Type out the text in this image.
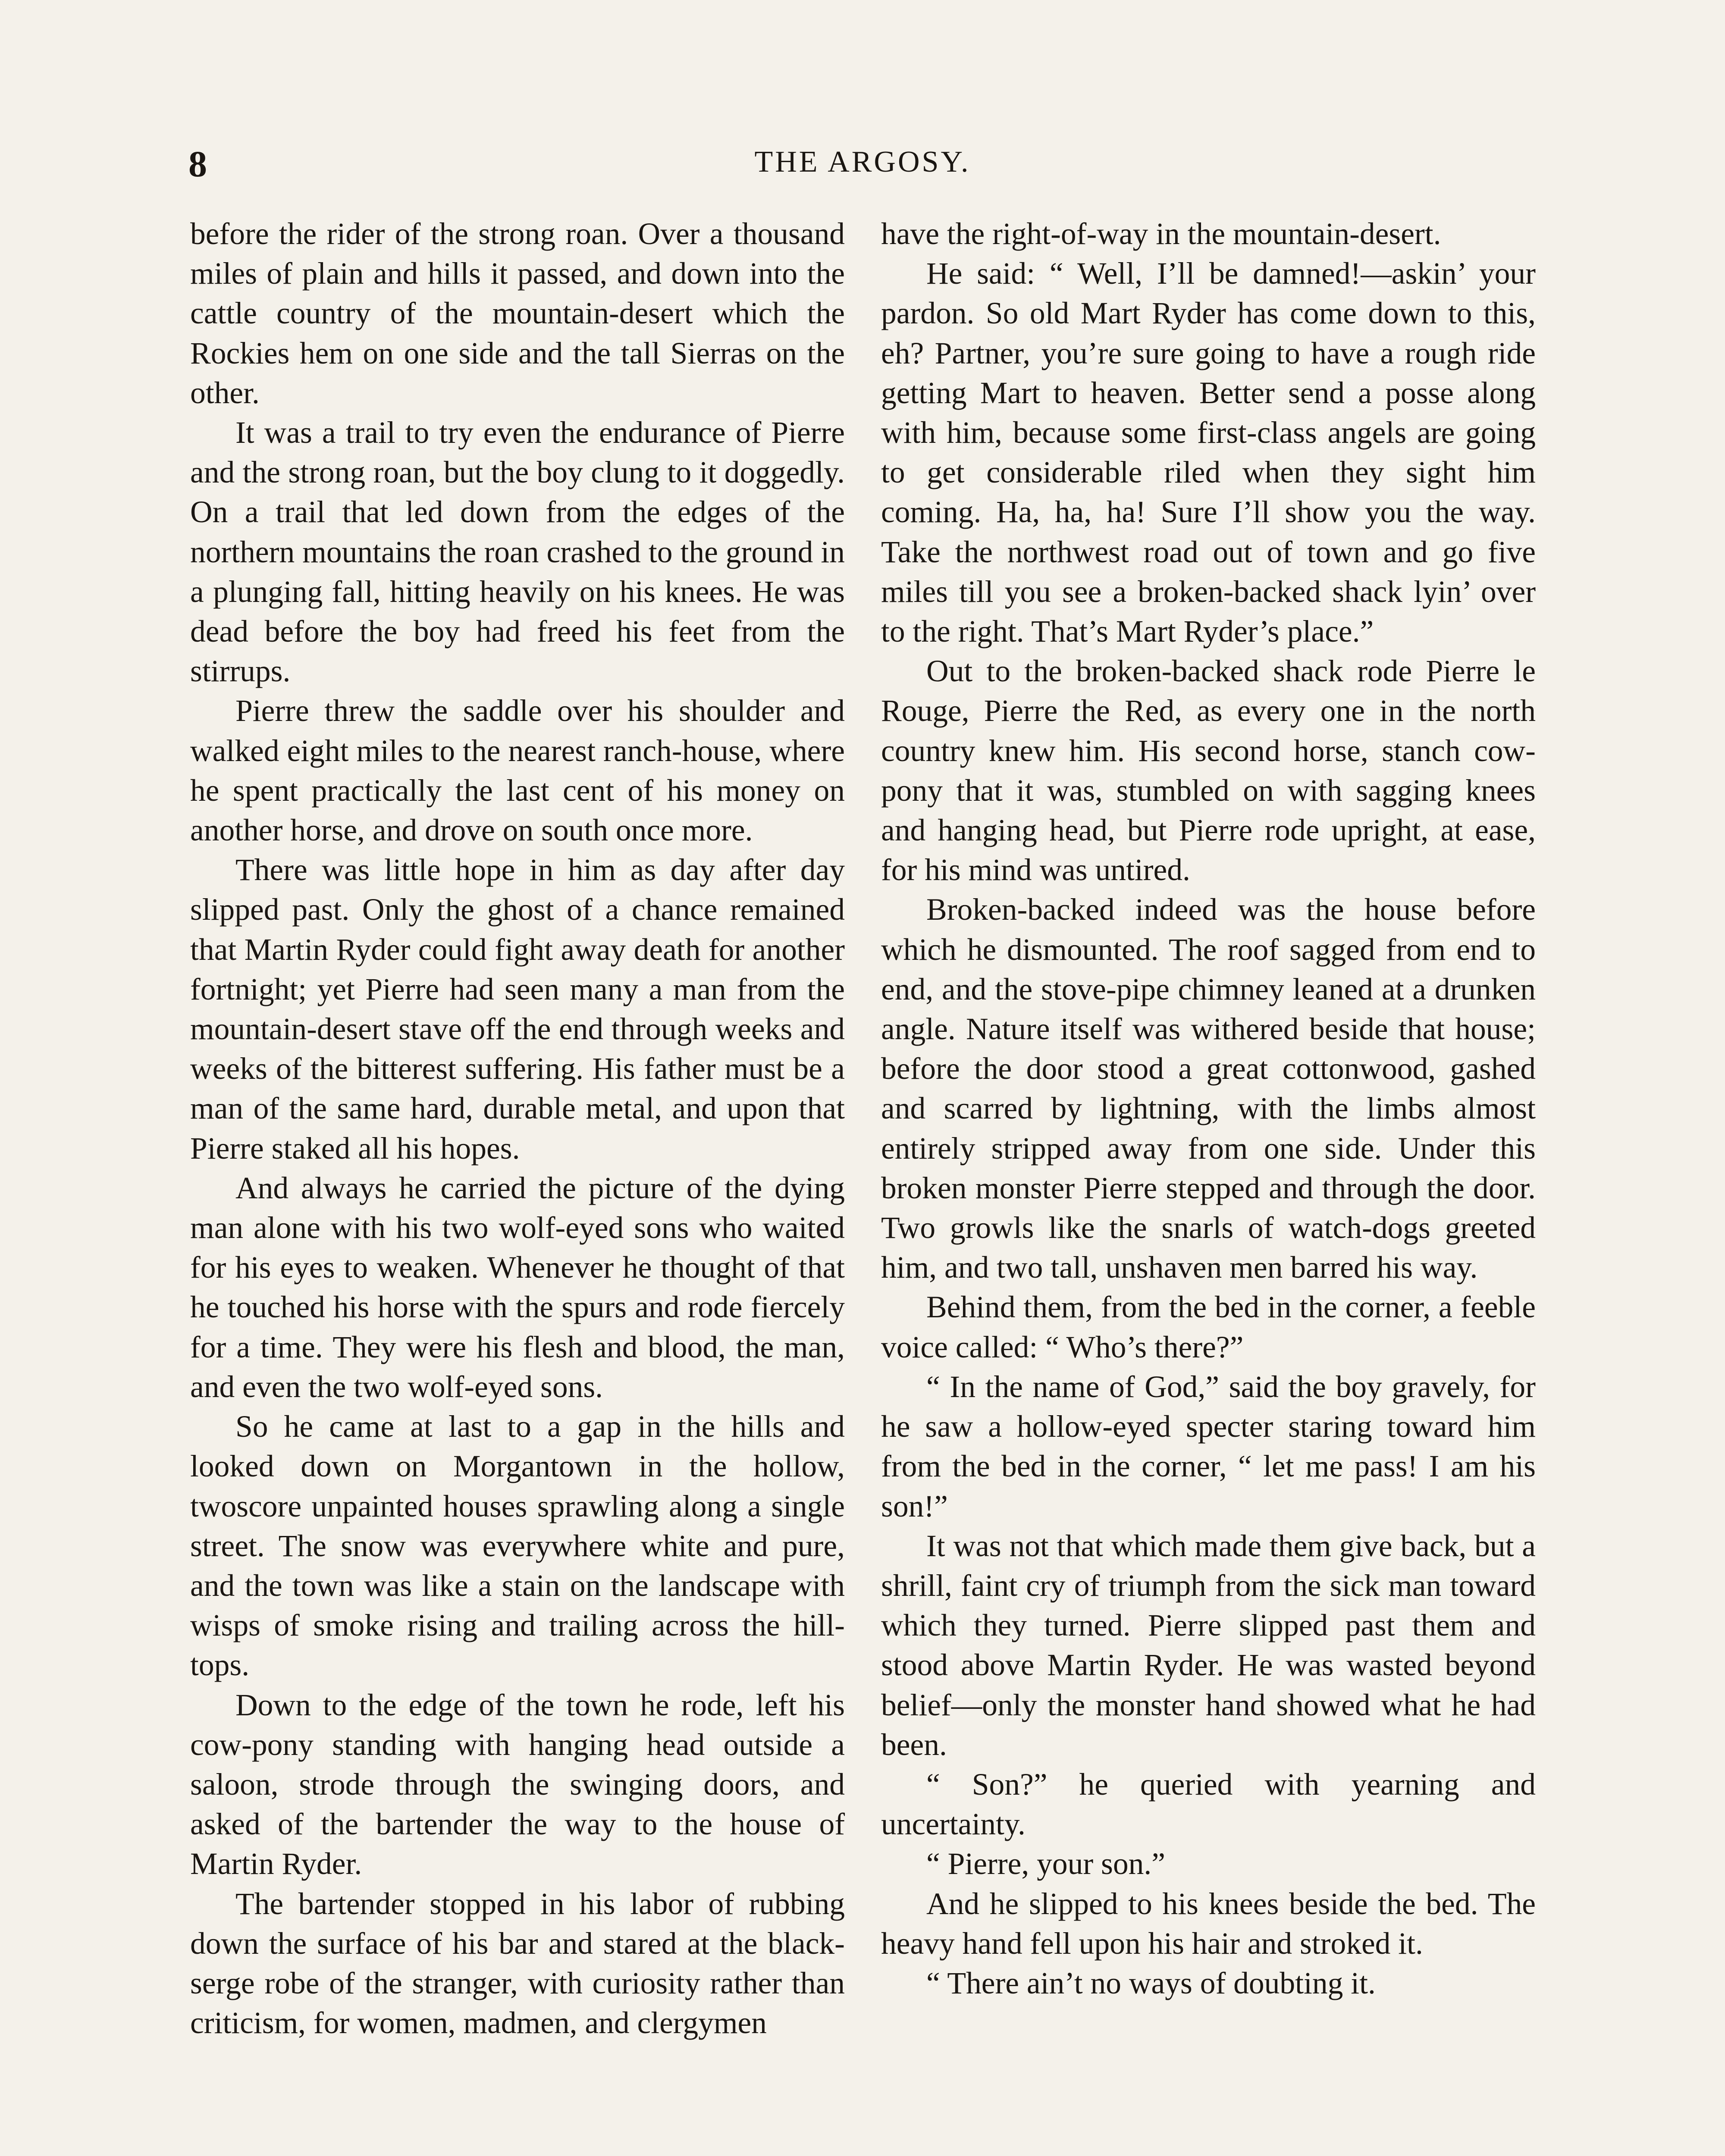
8	THE ARGOSY.

before the rider of the strong roan. Over a thousand miles of plain and hills it passed, and down into the cattle country of the mountain-desert which the Rockies hem on one side and the tall Sierras on the other.

It was a trail to try even the endurance of Pierre and the strong roan, but the boy clung to it doggedly. On a trail that led down from the edges of the northern mountains the roan crashed to the ground in a plunging fall, hitting heavily on his knees. He was dead before the boy had freed his feet from the stirrups.

Pierre threw the saddle over his shoulder and walked eight miles to the nearest ranch-house, where he spent practically the last cent of his money on another horse, and drove on south once more.

There was little hope in him as day after day slipped past. Only the ghost of a chance remained that Martin Ryder could fight away death for another fortnight; yet Pierre had seen many a man from the mountain-desert stave off the end through weeks and weeks of the bitterest suffering. His father must be a man of the same hard, durable metal, and upon that Pierre staked all his hopes.

And always he carried the picture of the dying man alone with his two wolf-eyed sons who waited for his eyes to weaken. Whenever he thought of that he touched his horse with the spurs and rode fiercely for a time. They were his flesh and blood, the man, and even the two wolf-eyed sons.

So he came at last to a gap in the hills and looked down on Morgantown in the hollow, twoscore unpainted houses sprawling along a single street. The snow was everywhere white and pure, and the town was like a stain on the landscape with wisps of smoke rising and trailing across the hill-tops.

Down to the edge of the town he rode, left his cow-pony standing with hanging head outside a saloon, strode through the swinging doors, and asked of the bartender the way to the house of Martin Ryder.

The bartender stopped in his labor of rubbing down the surface of his bar and stared at the black-serge robe of the stranger, with curiosity rather than criticism, for women, madmen, and clergymen

have the right-of-way in the mountain-desert.

He said: “ Well, I’ll be damned!—askin’ your pardon. So old Mart Ryder has come down to this, eh? Partner, you’re sure going to have a rough ride getting Mart to heaven. Better send a posse along with him, because some first-class angels are going to get considerable riled when they sight him coming. Ha, ha, ha! Sure I’ll show you the way. Take the northwest road out of town and go five miles till you see a broken-backed shack lyin’ over to the right. That’s Mart Ryder’s place.”

Out to the broken-backed shack rode Pierre le Rouge, Pierre the Red, as every one in the north country knew him. His second horse, stanch cow-pony that it was, stumbled on with sagging knees and hanging head, but Pierre rode upright, at ease, for his mind was untired.

Broken-backed indeed was the house before which he dismounted. The roof sagged from end to end, and the stove-pipe chimney leaned at a drunken angle. Nature itself was withered beside that house; before the door stood a great cottonwood, gashed and scarred by lightning, with the limbs almost entirely stripped away from one side. Under this broken monster Pierre stepped and through the door. Two growls like the snarls of watch-dogs greeted him, and two tall, unshaven men barred his way.

Behind them, from the bed in the corner, a feeble voice called: “ Who’s there?”

“ In the name of God,” said the boy gravely, for he saw a hollow-eyed specter staring toward him from the bed in the corner, “ let me pass! I am his son!”

It was not that which made them give back, but a shrill, faint cry of triumph from the sick man toward which they turned. Pierre slipped past them and stood above Martin Ryder. He was wasted beyond belief—only the monster hand showed what he had been.

“ Son?” he queried with yearning and uncertainty.

“ Pierre, your son.”

And he slipped to his knees beside the bed. The heavy hand fell upon his hair and stroked it.

“ There ain’t no ways of doubting it.
